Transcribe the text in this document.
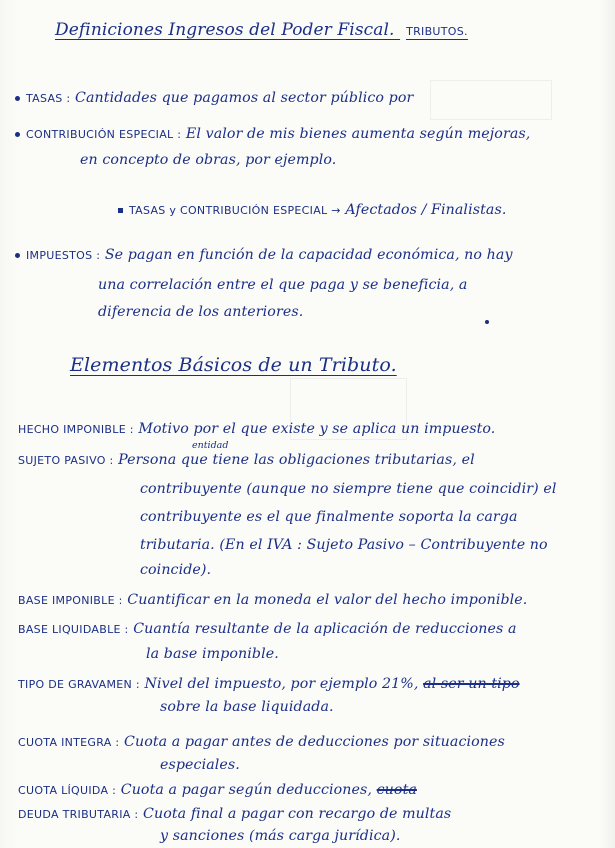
Definiciones Ingresos del Poder Fiscal. TRIBUTOS.
TASAS : Cantidades que pagamos al sector público por
CONTRIBUCIÓN ESPECIAL : El valor de mis bienes aumenta según mejoras,
en concepto de obras, por ejemplo.
TASAS y CONTRIBUCIÓN ESPECIAL → Afectados / Finalistas.
IMPUESTOS : Se pagan en función de la capacidad económica, no hay
una correlación entre el que paga y se beneficia, a
diferencia de los anteriores.
Elementos Básicos de un Tributo.
HECHO IMPONIBLE : Motivo por el que existe y se aplica un impuesto.
entidad
SUJETO PASIVO : Persona que tiene las obligaciones tributarias, el
contribuyente (aunque no siempre tiene que coincidir) el
contribuyente es el que finalmente soporta la carga
tributaria. (En el IVA : Sujeto Pasivo – Contribuyente no
coincide).
BASE IMPONIBLE : Cuantificar en la moneda el valor del hecho imponible.
BASE LIQUIDABLE : Cuantía resultante de la aplicación de reducciones a
la base imponible.
TIPO DE GRAVAMEN : Nivel del impuesto, por ejemplo 21%, al ser un tipo
sobre la base liquidada.
CUOTA INTEGRA : Cuota a pagar antes de deducciones por situaciones
especiales.
CUOTA LÍQUIDA : Cuota a pagar según deducciones, cuota
DEUDA TRIBUTARIA : Cuota final a pagar con recargo de multas
y sanciones (más carga jurídica).
